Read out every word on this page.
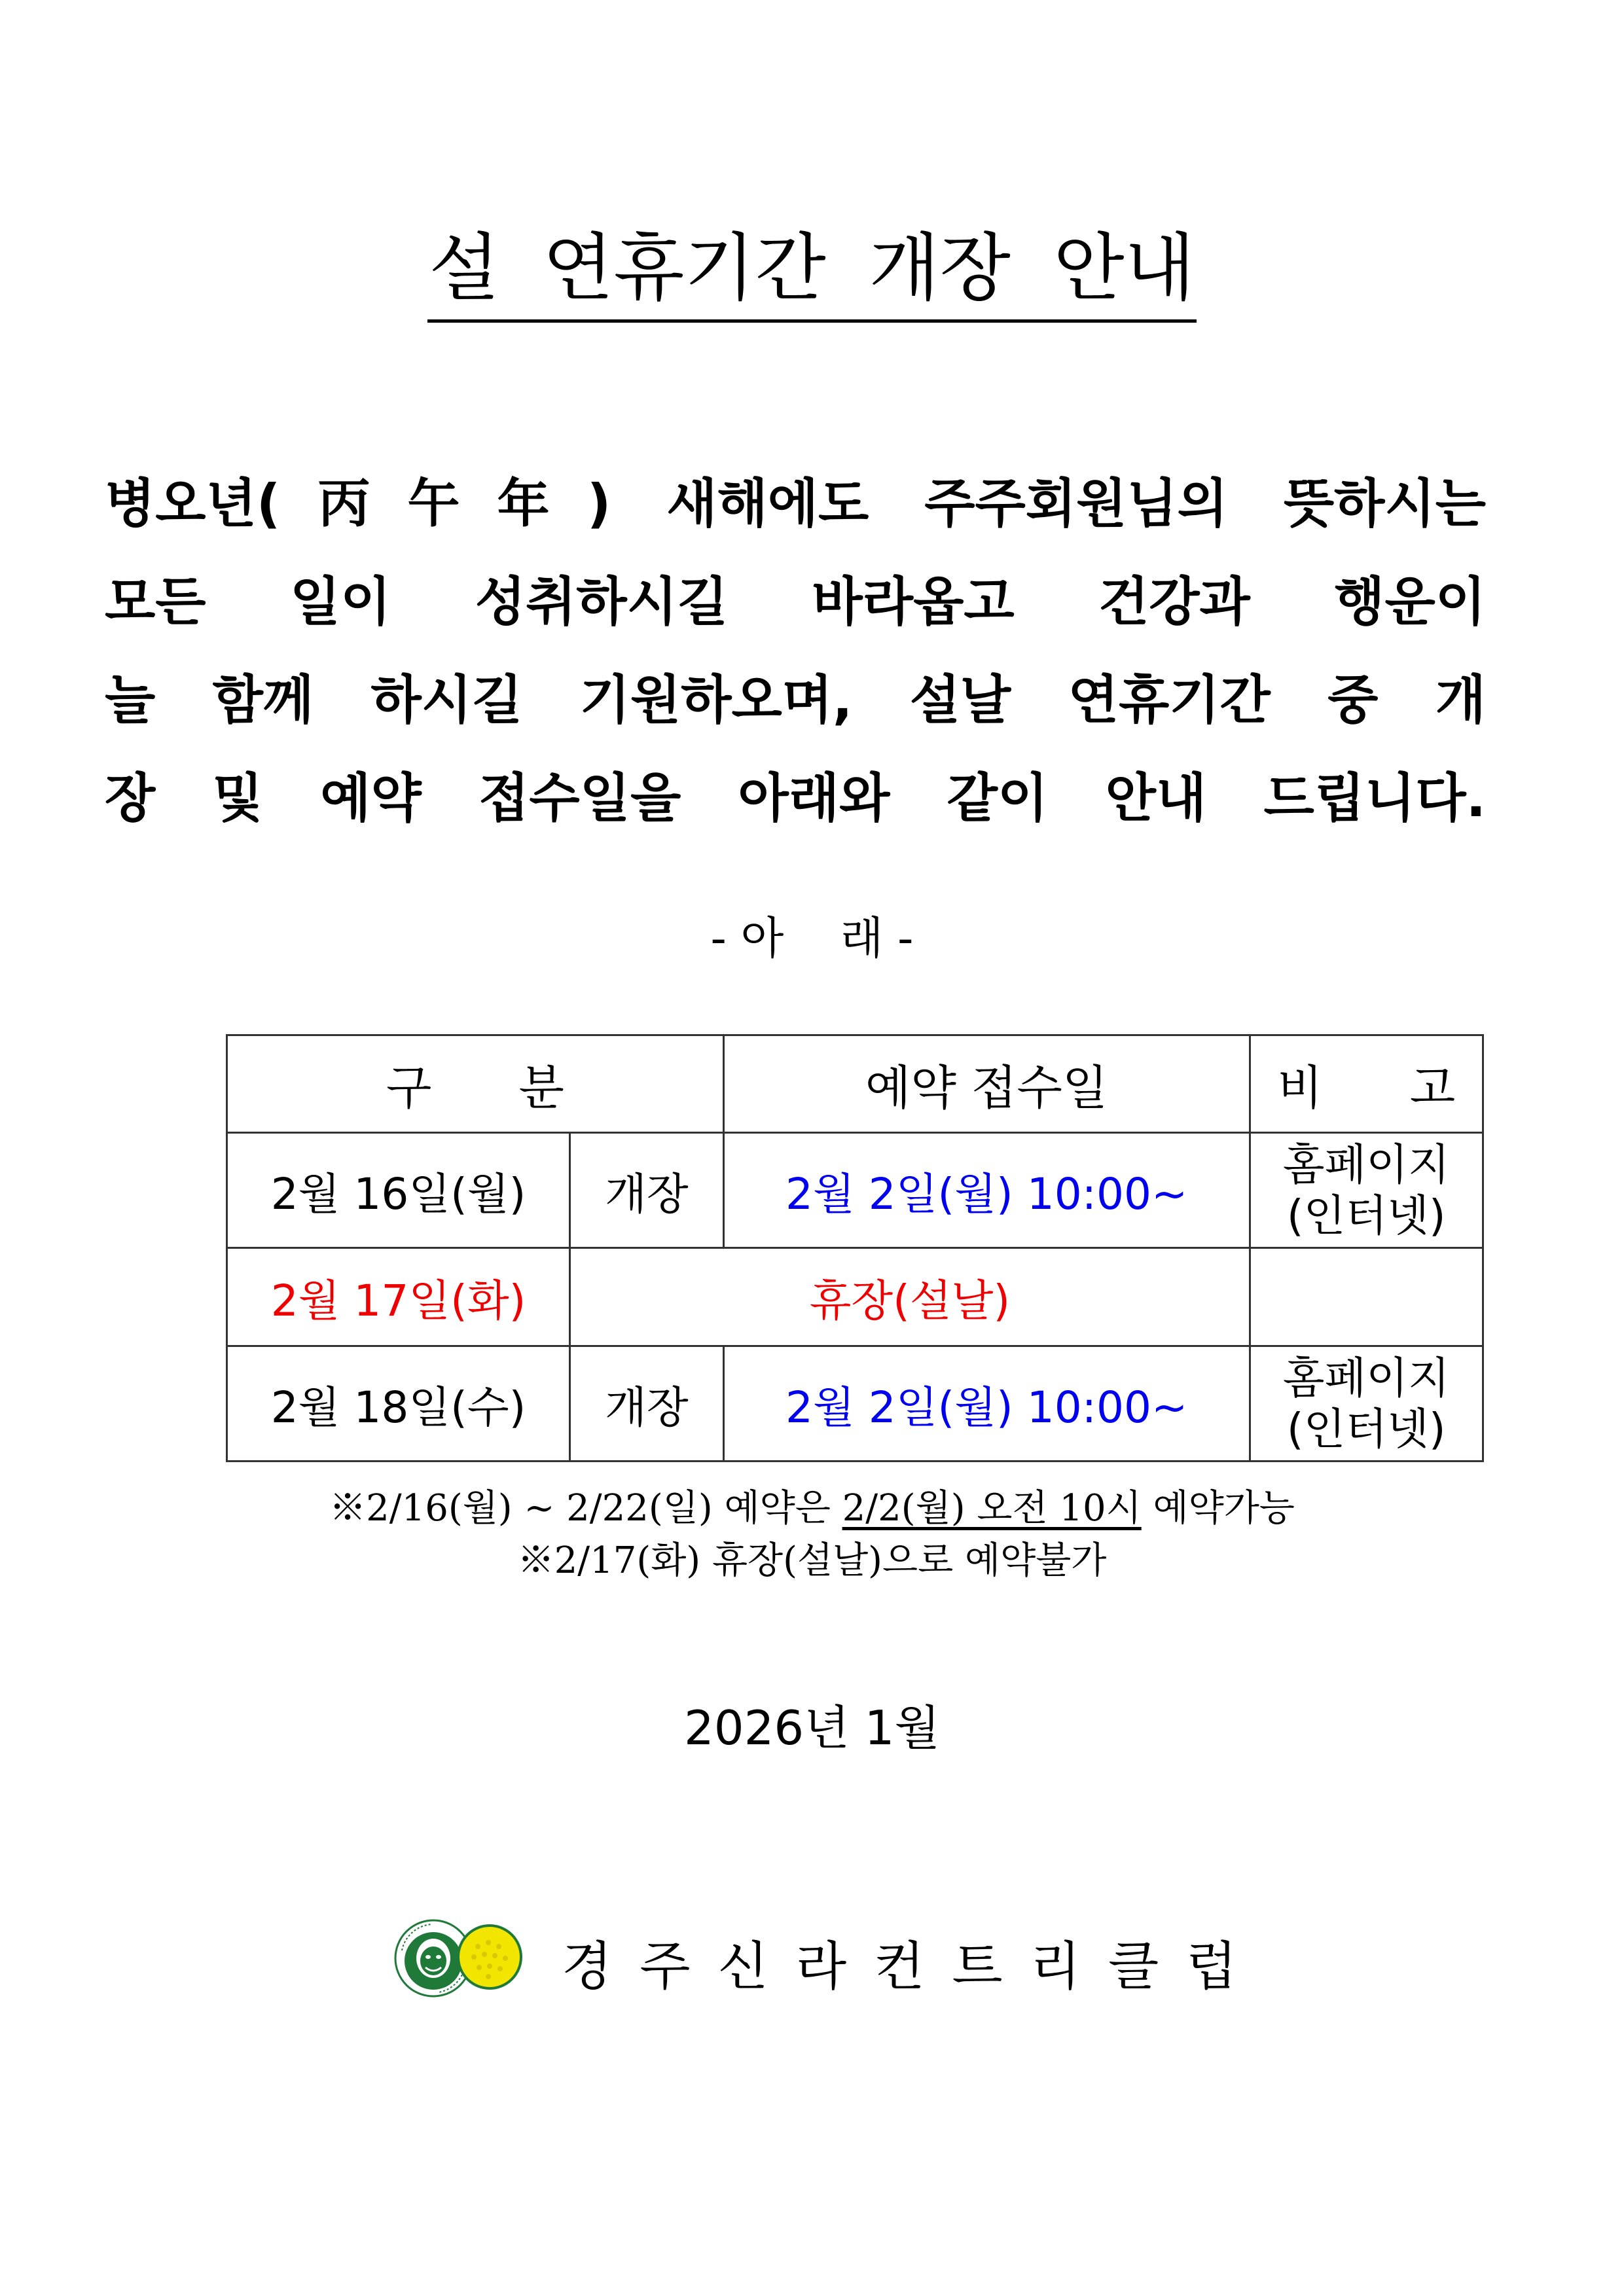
설 연휴기간 개장 안내
병오년(丙午年) 새해에도 주주회원님의 뜻하시는
모든 일이 성취하시길 바라옵고 건강과 행운이
늘 함께 하시길 기원하오며, 설날 연휴기간 중 개
장 및 예약 접수일을 아래와 같이 안내 드립니다.
- 아    래 -
구 분		예약 접수일	비 고
2월 16일(월)	개장	2월 2일(월) 10:00~	홈페이지
(인터넷)
2월 17일(화)	휴장(설날)		
2월 18일(수)	개장	2월 2일(월) 10:00~	홈페이지
(인터넷)
※2/16(월) ~ 2/22(일) 예약은 2/2(월) 오전 10시 예약가능
※2/17(화) 휴장(설날)으로 예약불가
2026년 1월
경주신라컨트리클럽
